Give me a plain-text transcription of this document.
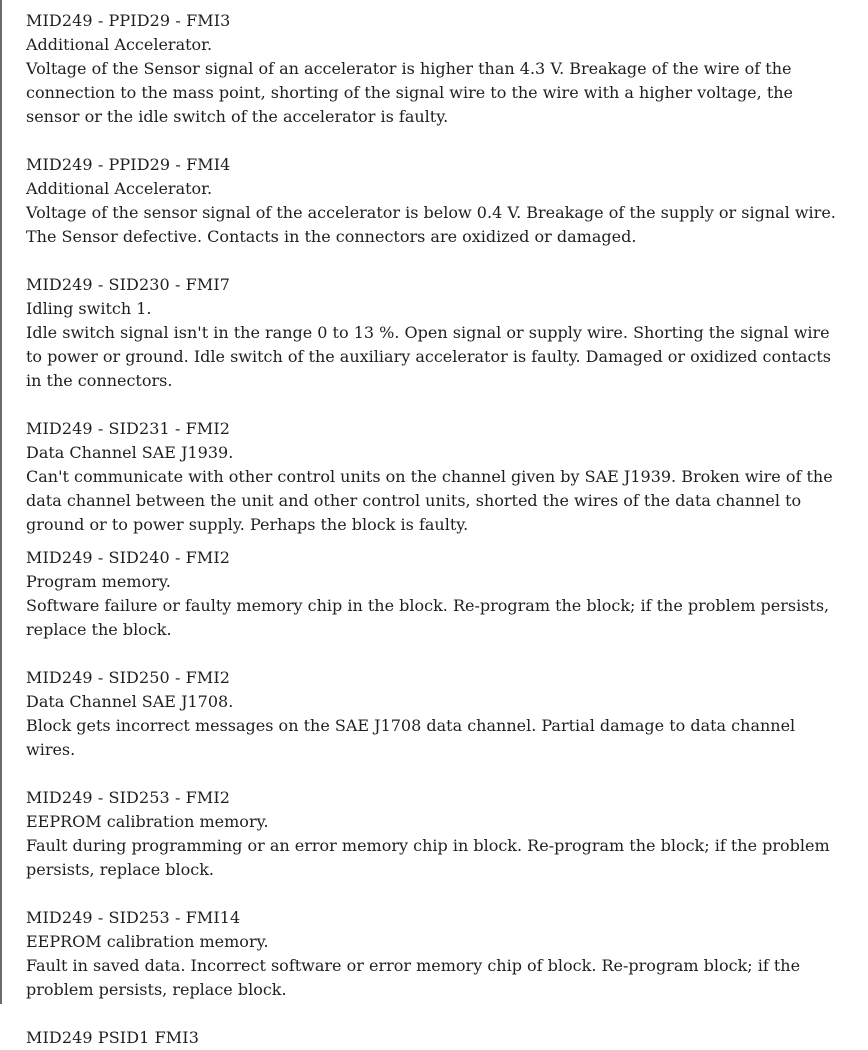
MID249 - PPID29 - FMI3

Additional Accelerator.

Voltage of the Sensor signal of an accelerator is higher than 4.3 V. Breakage of the wire of the connection to the mass point, shorting of the signal wire to the wire with a higher voltage, the sensor or the idle switch of the accelerator is faulty.

MID249 - PPID29 - FMI4

Additional Accelerator.

Voltage of the sensor signal of the accelerator is below 0.4 V. Breakage of the supply or signal wire. The Sensor defective. Contacts in the connectors are oxidized or damaged.

MID249 - SID230 - FMI7

Idling switch 1.

Idle switch signal isn't in the range 0 to 13 %. Open signal or supply wire. Shorting the signal wire to power or ground. Idle switch of the auxiliary accelerator is faulty. Damaged or oxidized contacts in the connectors.

MID249 - SID231 - FMI2

Data Channel SAE J1939.

Can't communicate with other control units on the channel given by SAE J1939. Broken wire of the data channel between the unit and other control units, shorted the wires of the data channel to ground or to power supply. Perhaps the block is faulty.

MID249 - SID240 - FMI2

Program memory.

Software failure or faulty memory chip in the block. Re-program the block; if the problem persists, replace the block.

MID249 - SID250 - FMI2

Data Channel SAE J1708.

Block gets incorrect messages on the SAE J1708 data channel. Partial damage to data channel wires.

MID249 - SID253 - FMI2

EEPROM calibration memory.

Fault during programming or an error memory chip in block. Re-program the block; if the problem persists, replace block.

MID249 - SID253 - FMI14

EEPROM calibration memory.

Fault in saved data. Incorrect software or error memory chip of block. Re-program block; if the problem persists, replace block.

MID249 PSID1 FMI3
